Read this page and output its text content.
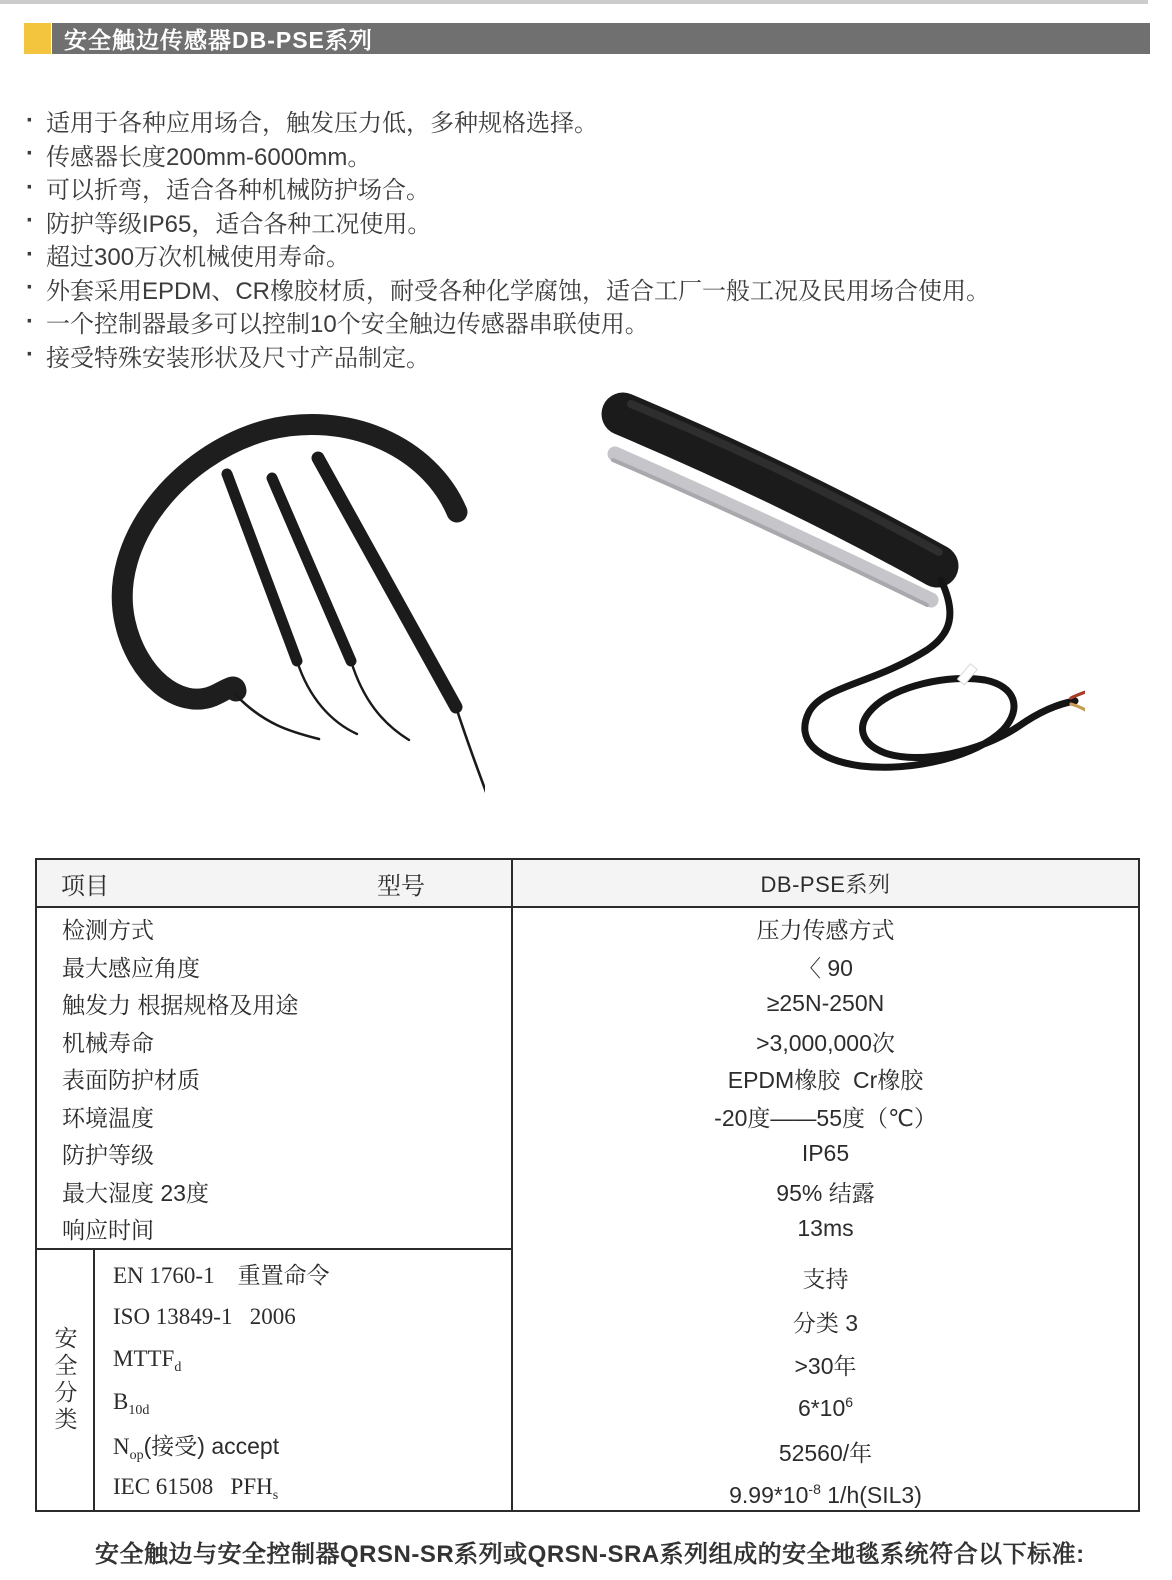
安全触边传感器DB-PSE系列
· 适用于各种应用场合，触发压力低，多种规格选择。
· 传感器长度200mm-6000mm。
· 可以折弯，适合各种机械防护场合。
· 防护等级IP65，适合各种工况使用。
· 超过300万次机械使用寿命。
· 外套采用EPDM、CR橡胶材质，耐受各种化学腐蚀，适合工厂一般工况及民用场合使用。
· 一个控制器最多可以控制10个安全触边传感器串联使用。
· 接受特殊安装形状及尺寸产品制定。
项目	型号	DB-PSE系列
检测方式
最大感应角度
触发力 根据规格及用途
机械寿命
表面防护材质
环境温度
防护等级
最大湿度 23度
响应时间
安全分类
EN 1760-1    重置命令
ISO 13849-1   2006
$MTTF_d$
$B_{10d}$
$N_{op}$(接受) accept
IEC 61508   $PFH_s$
压力传感方式
〈 90
≥25N-250N
>3,000,000次
EPDM橡胶  Cr橡胶
-20度——55度（℃）
IP65
95% 结露
13ms
支持
分类 3
>30年
$6*10^6$
52560/年
$9.99*10^{-8}$ 1/h(SIL3)
安全触边与安全控制器QRSN-SR系列或QRSN-SRA系列组成的安全地毯系统符合以下标准:
